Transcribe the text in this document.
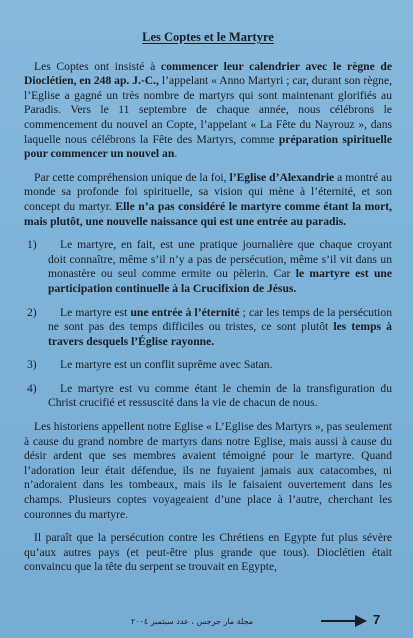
Les Coptes et le Martyre

Les Coptes ont insisté à commencer leur calendrier avec le règne de Dioclétien, en 248 ap. J.-C., l’appelant « Anno Martyri ; car, durant son règne, l’Eglise a gagné un très nombre de martyrs qui sont maintenant glorifiés au Paradis. Vers le 11 septembre de chaque année, nous célébrons le commencement du nouvel an Copte, l’appelant « La Fête du Nayrouz », dans laquelle nous célébrons la Fête des Martyrs, comme préparation spirituelle pour commencer un nouvel an.

Par cette compréhension unique de la foi, l’Eglise d’Alexandrie a montré au monde sa profonde foi spirituelle, sa vision qui mène à l’éternité, et son concept du martyr. Elle n’a pas considéré le martyre comme étant la mort, mais plutôt, une nouvelle naissance qui est une entrée au paradis.

1) Le martyre, en fait, est une pratique journalière que chaque croyant doit connaître, même s’il n’y a pas de persécution, même s’il vit dans un monastère ou seul comme ermite ou pèlerin. Car le martyre est une participation continuelle à la Crucifixion de Jésus.
2) Le martyre est une entrée à l’éternité ; car les temps de la persécution ne sont pas des temps difficiles ou tristes, ce sont plutôt les temps à travers desquels l’Église rayonne.
3) Le martyre est un conflit suprême avec Satan.
4) Le martyre est vu comme étant le chemin de la transfiguration du Christ crucifié et ressuscité dans la vie de chacun de nous.

Les historiens appellent notre Eglise « L’Eglise des Martyrs », pas seulement à cause du grand nombre de martyrs dans notre Eglise, mais aussi à cause du désir ardent que ses membres avaient témoigné pour le martyre. Quand l’adoration leur était défendue, ils ne fuyaient jamais aux catacombes, ni n’adoraient dans les tombeaux, mais ils le faisaient ouvertement dans les champs. Plusieurs coptes voyageaient d’une place à l’autre, cherchant les couronnes du martyre.

Il paraît que la persécution contre les Chrétiens en Egypte fut plus sévère qu’aux autres pays (et peut-être plus grande que tous). Dioclétien était convaincu que la tête du serpent se trouvait en Egypte,

مجلة مار جرجس ، عدد سبتمبر ٢٠٠٤	7
